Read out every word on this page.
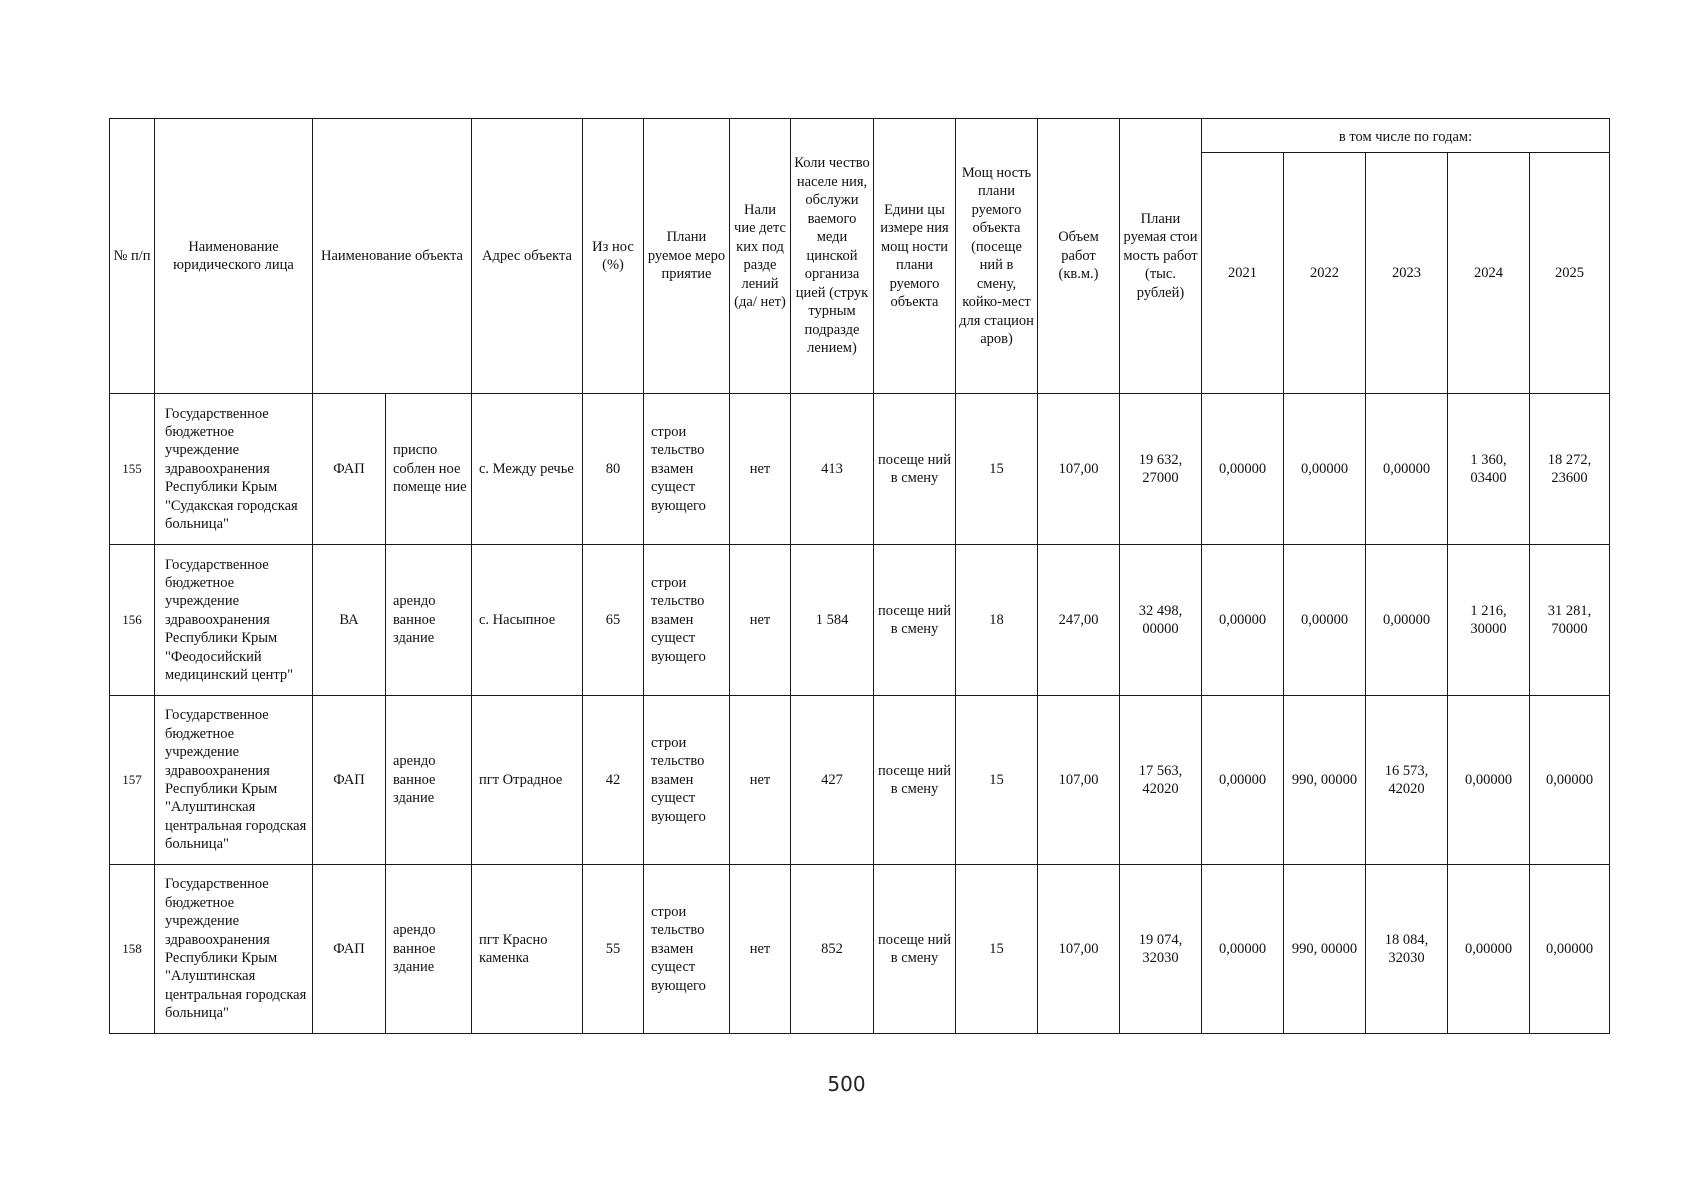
№ п/п	Наименование юридического лица	Наименование объекта		Адрес объекта	Из нос (%)	Плани руемое меро приятие	Нали чие детс ких под разде лений (да/ нет)	Коли чество населе ния, обслужи ваемого меди цинской организа цией (струк турным подразде лением)	Едини цы измере ния мощ ности плани руемого объекта	Мощ ность плани руемого объекта (посеще ний в смену, койко-мест для стацион аров)	Объем работ (кв.м.)	Плани руемая стои мость работ (тыс. рублей)	в том числе по годам:				
													2021	2022	2023	2024	2025
155	Государственное бюджетное учреждение здравоохранения Республики Крым "Судакская городская больница"	ФАП	приспо соблен ное помеще ние	с. Между речье	80	строи тельство взамен сущест вующего	нет	413	посеще ний в смену	15	107,00	19 632, 27000	0,00000	0,00000	0,00000	1 360, 03400	18 272, 23600
156	Государственное бюджетное учреждение здравоохранения Республики Крым "Феодосийский медицинский центр"	ВА	арендо ванное здание	с. Насыпное	65	строи тельство взамен сущест вующего	нет	1 584	посеще ний в смену	18	247,00	32 498, 00000	0,00000	0,00000	0,00000	1 216, 30000	31 281, 70000
157	Государственное бюджетное учреждение здравоохранения Республики Крым "Алуштинская центральная городская больница"	ФАП	арендо ванное здание	пгт Отрадное	42	строи тельство взамен сущест вующего	нет	427	посеще ний в смену	15	107,00	17 563, 42020	0,00000	990, 00000	16 573, 42020	0,00000	0,00000
158	Государственное бюджетное учреждение здравоохранения Республики Крым "Алуштинская центральная городская больница"	ФАП	арендо ванное здание	пгт Красно каменка	55	строи тельство взамен сущест вующего	нет	852	посеще ний в смену	15	107,00	19 074, 32030	0,00000	990, 00000	18 084, 32030	0,00000	0,00000
500
